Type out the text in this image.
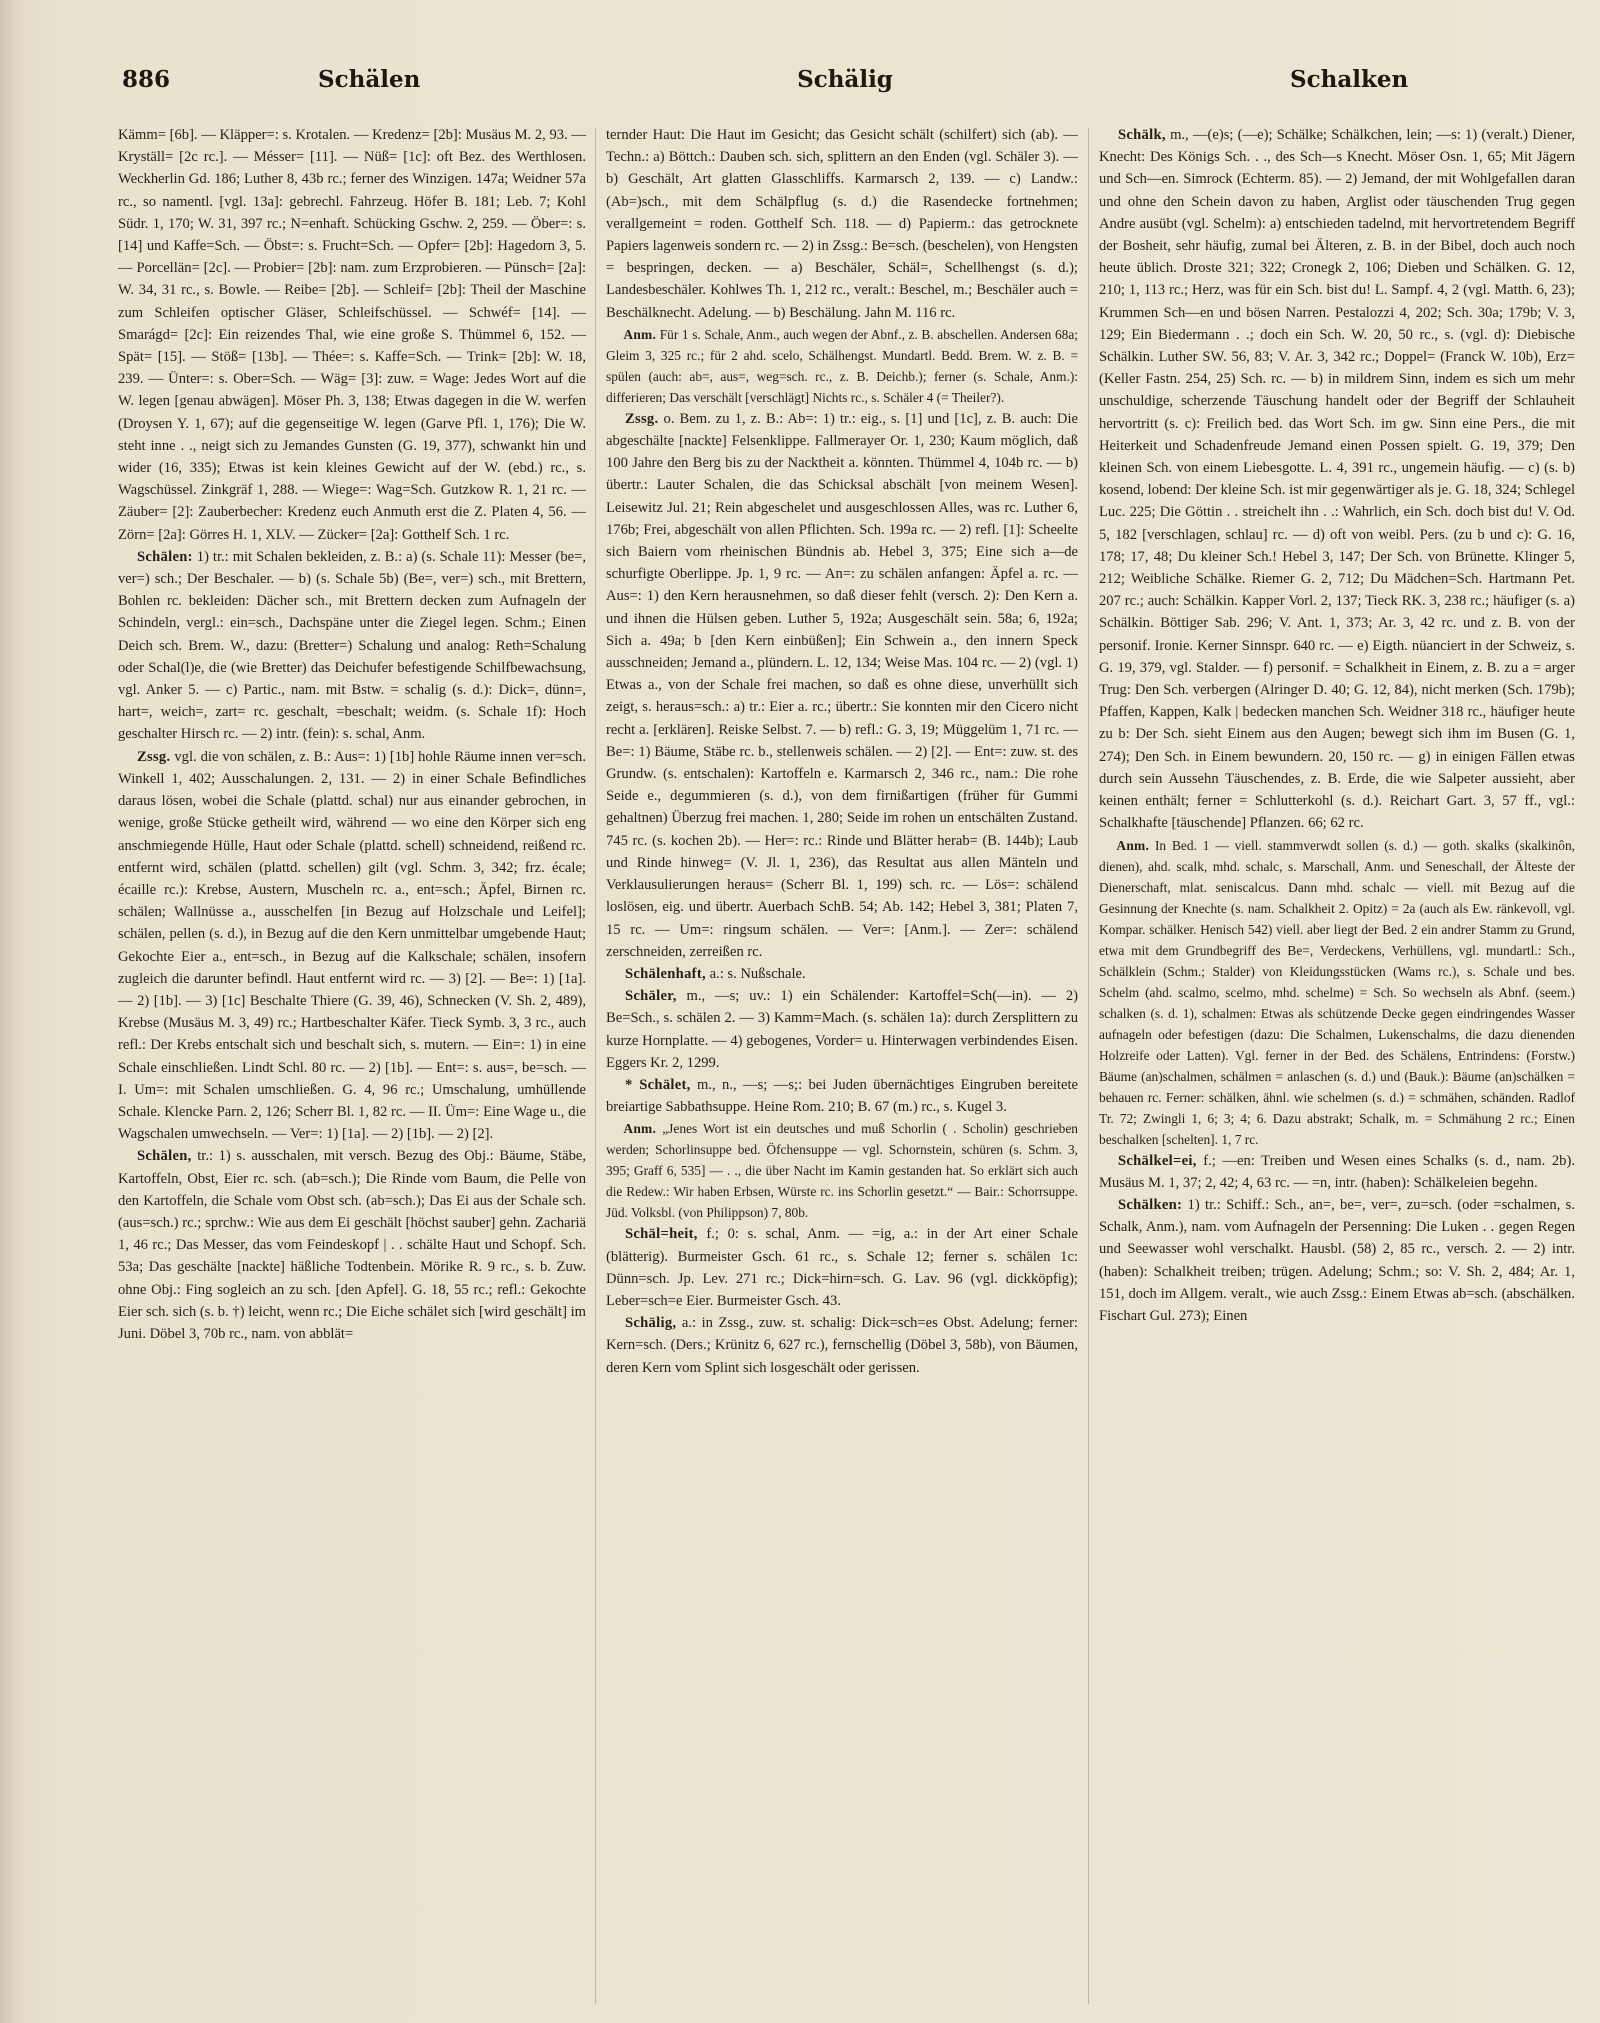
886	Schälen	Schälig	Schalken

Kämm= [6b]. — Kläpper=: s. Krotalen. — Kredenz= [2b]: Musäus M. 2, 93. — Kryställ= [2c rc.]. — Mésser= [11]. — Nüß= [1c]: oft Bez. des Werthlosen. Weckherlin Gd. 186; Luther 8, 43b rc.; ferner des Winzigen. 147a; Weidner 57a rc., so namentl. [vgl. 13a]: gebrechl. Fahrzeug. Höfer B. 181; Leb. 7; Kohl Südr. 1, 170; W. 31, 397 rc.; N=enhaft. Schücking Gschw. 2, 259. — Öber=: s. [14] und Kaffe=Sch. — Öbst=: s. Frucht=Sch. — Opfer= [2b]: Hagedorn 3, 5. — Porcellän= [2c]. — Probier= [2b]: nam. zum Erzprobieren. — Pünsch= [2a]: W. 34, 31 rc., s. Bowle. — Reibe= [2b]. — Schleif= [2b]: Theil der Maschine zum Schleifen optischer Gläser, Schleifschüssel. — Schwéf= [14]. — Smarágd= [2c]: Ein reizendes Thal, wie eine große S. Thümmel 6, 152. — Spät= [15]. — Stöß= [13b]. — Thée=: s. Kaffe=Sch. — Trink= [2b]: W. 18, 239. — Ünter=: s. Ober=Sch. — Wäg= [3]: zuw. = Wage: Jedes Wort auf die W. legen [genau abwägen]. Möser Ph. 3, 138; Etwas dagegen in die W. werfen (Droysen Y. 1, 67); auf die gegenseitige W. legen (Garve Pfl. 1, 176); Die W. steht inne . ., neigt sich zu Jemandes Gunsten (G. 19, 377), schwankt hin und wider (16, 335); Etwas ist kein kleines Gewicht auf der W. (ebd.) rc., s. Wagschüssel. Zinkgräf 1, 288. — Wiege=: Wag=Sch. Gutzkow R. 1, 21 rc. — Zäuber= [2]: Zauberbecher: Kredenz euch Anmuth erst die Z. Platen 4, 56. — Zörn= [2a]: Görres H. 1, XLV. — Zücker= [2a]: Gotthelf Sch. 1 rc.

Schälen: 1) tr.: mit Schalen bekleiden, z. B.: a) (s. Schale 11): Messer (be=, ver=) sch.; Der Beschaler. — b) (s. Schale 5b) (Be=, ver=) sch., mit Brettern, Bohlen rc. bekleiden: Dächer sch., mit Brettern decken zum Aufnageln der Schindeln, vergl.: ein=sch., Dachspäne unter die Ziegel legen. Schm.; Einen Deich sch. Brem. W., dazu: (Bretter=) Schalung und analog: Reth=Schalung oder Schal(l)e, die (wie Bretter) das Deichufer befestigende Schilfbewachsung, vgl. Anker 5. — c) Partic., nam. mit Bstw. = schalig (s. d.): Dick=, dünn=, hart=, weich=, zart= rc. geschalt, =beschalt; weidm. (s. Schale 1f): Hoch geschalter Hirsch rc. — 2) intr. (fein): s. schal, Anm.

Zssg. vgl. die von schälen, z. B.: Aus=: 1) [1b] hohle Räume innen ver=sch. Winkell 1, 402; Ausschalungen. 2, 131. — 2) in einer Schale Befindliches daraus lösen, wobei die Schale (plattd. schal) nur aus einander gebrochen, in wenige, große Stücke getheilt wird, während — wo eine den Körper sich eng anschmiegende Hülle, Haut oder Schale (plattd. schell) schneidend, reißend rc. entfernt wird, schälen (plattd. schellen) gilt (vgl. Schm. 3, 342; frz. écale; écaille rc.): Krebse, Austern, Muscheln rc. a., ent=sch.; Äpfel, Birnen rc. schälen; Wallnüsse a., ausschelfen [in Bezug auf Holzschale und Leifel]; schälen, pellen (s. d.), in Bezug auf die den Kern unmittelbar umgebende Haut; Gekochte Eier a., ent=sch., in Bezug auf die Kalkschale; schälen, insofern zugleich die darunter befindl. Haut entfernt wird rc. — 3) [2]. — Be=: 1) [1a]. — 2) [1b]. — 3) [1c] Beschalte Thiere (G. 39, 46), Schnecken (V. Sh. 2, 489), Krebse (Musäus M. 3, 49) rc.; Hartbeschalter Käfer. Tieck Symb. 3, 3 rc., auch refl.: Der Krebs entschalt sich und beschalt sich, s. mutern. — Ein=: 1) in eine Schale einschließen. Lindt Schl. 80 rc. — 2) [1b]. — Ent=: s. aus=, be=sch. — I. Um=: mit Schalen umschließen. G. 4, 96 rc.; Umschalung, umhüllende Schale. Klencke Parn. 2, 126; Scherr Bl. 1, 82 rc. — II. Üm=: Eine Wage u., die Wagschalen umwechseln. — Ver=: 1) [1a]. — 2) [1b]. — 2) [2].

Schälen, tr.: 1) s. ausschalen, mit versch. Bezug des Obj.: Bäume, Stäbe, Kartoffeln, Obst, Eier rc. sch. (ab=sch.); Die Rinde vom Baum, die Pelle von den Kartoffeln, die Schale vom Obst sch. (ab=sch.); Das Ei aus der Schale sch. (aus=sch.) rc.; sprchw.: Wie aus dem Ei geschält [höchst sauber] gehn. Zachariä 1, 46 rc.; Das Messer, das vom Feindeskopf | . . schälte Haut und Schopf. Sch. 53a; Das geschälte [nackte] häßliche Todtenbein. Mörike R. 9 rc., s. b. Zuw. ohne Obj.: Fing sogleich an zu sch. [den Apfel]. G. 18, 55 rc.; refl.: Gekochte Eier sch. sich (s. b. †) leicht, wenn rc.; Die Eiche schälet sich [wird geschält] im Juni. Döbel 3, 70b rc., nam. von abblät=

ternder Haut: Die Haut im Gesicht; das Gesicht schält (schilfert) sich (ab). — Techn.: a) Böttch.: Dauben sch. sich, splittern an den Enden (vgl. Schäler 3). — b) Geschält, Art glatten Glasschliffs. Karmarsch 2, 139. — c) Landw.: (Ab=)sch., mit dem Schälpflug (s. d.) die Rasendecke fortnehmen; verallgemeint = roden. Gotthelf Sch. 118. — d) Papierm.: das getrocknete Papiers lagenweis sondern rc. — 2) in Zssg.: Be=sch. (beschelen), von Hengsten = bespringen, decken. — a) Beschäler, Schäl=, Schellhengst (s. d.); Landesbeschäler. Kohlwes Th. 1, 212 rc., veralt.: Beschel, m.; Beschäler auch = Beschälknecht. Adelung. — b) Beschälung. Jahn M. 116 rc.

Anm. Für 1 s. Schale, Anm., auch wegen der Abnf., z. B. abschellen. Andersen 68a; Gleim 3, 325 rc.; für 2 ahd. scelo, Schälhengst. Mundartl. Bedd. Brem. W. z. B. = spülen (auch: ab=, aus=, weg=sch. rc., z. B. Deichb.); ferner (s. Schale, Anm.): differieren; Das verschält [verschlägt] Nichts rc., s. Schäler 4 (= Theiler?).

Zssg. o. Bem. zu 1, z. B.: Ab=: 1) tr.: eig., s. [1] und [1c], z. B. auch: Die abgeschälte [nackte] Felsenklippe. Fallmerayer Or. 1, 230; Kaum möglich, daß 100 Jahre den Berg bis zu der Nacktheit a. könnten. Thümmel 4, 104b rc. — b) übertr.: Lauter Schalen, die das Schicksal abschält [von meinem Wesen]. Leisewitz Jul. 21; Rein abgeschelet und ausgeschlossen Alles, was rc. Luther 6, 176b; Frei, abgeschält von allen Pflichten. Sch. 199a rc. — 2) refl. [1]: Scheelte sich Baiern vom rheinischen Bündnis ab. Hebel 3, 375; Eine sich a—de schurfigte Oberlippe. Jp. 1, 9 rc. — An=: zu schälen anfangen: Äpfel a. rc. — Aus=: 1) den Kern herausnehmen, so daß dieser fehlt (versch. 2): Den Kern a. und ihnen die Hülsen geben. Luther 5, 192a; Ausgeschält sein. 58a; 6, 192a; Sich a. 49a; b [den Kern einbüßen]; Ein Schwein a., den innern Speck ausschneiden; Jemand a., plündern. L. 12, 134; Weise Mas. 104 rc. — 2) (vgl. 1) Etwas a., von der Schale frei machen, so daß es ohne diese, unverhüllt sich zeigt, s. heraus=sch.: a) tr.: Eier a. rc.; übertr.: Sie konnten mir den Cicero nicht recht a. [erklären]. Reiske Selbst. 7. — b) refl.: G. 3, 19; Müggelüm 1, 71 rc. — Be=: 1) Bäume, Stäbe rc. b., stellenweis schälen. — 2) [2]. — Ent=: zuw. st. des Grundw. (s. entschalen): Kartoffeln e. Karmarsch 2, 346 rc., nam.: Die rohe Seide e., degummieren (s. d.), von dem firnißartigen (früher für Gummi gehaltnen) Überzug frei machen. 1, 280; Seide im rohen un entschälten Zustand. 745 rc. (s. kochen 2b). — Her=: rc.: Rinde und Blätter herab= (B. 144b); Laub und Rinde hinweg= (V. Jl. 1, 236), das Resultat aus allen Mänteln und Verklausulierungen heraus= (Scherr Bl. 1, 199) sch. rc. — Lös=: schälend loslösen, eig. und übertr. Auerbach SchB. 54; Ab. 142; Hebel 3, 381; Platen 7, 15 rc. — Um=: ringsum schälen. — Ver=: [Anm.]. — Zer=: schälend zerschneiden, zerreißen rc.

Schälenhaft, a.: s. Nußschale.

Schäler, m., —s; uv.: 1) ein Schälender: Kartoffel=Sch(—in). — 2) Be=Sch., s. schälen 2. — 3) Kamm=Mach. (s. schälen 1a): durch Zersplittern zu kurze Hornplatte. — 4) gebogenes, Vorder= u. Hinterwagen verbindendes Eisen. Eggers Kr. 2, 1299.

* Schälet, m., n., —s; —s;: bei Juden übernächtiges Eingruben bereitete breiartige Sabbathsuppe. Heine Rom. 210; B. 67 (m.) rc., s. Kugel 3.

Anm. „Jenes Wort ist ein deutsches und muß Schorlin ( . Scholin) geschrieben werden; Schorlinsuppe bed. Öfchensuppe — vgl. Schornstein, schüren (s. Schm. 3, 395; Graff 6, 535] — . ., die über Nacht im Kamin gestanden hat. So erklärt sich auch die Redew.: Wir haben Erbsen, Würste rc. ins Schorlin gesetzt.“ — Bair.: Schorrsuppe. Jüd. Volksbl. (von Philippson) 7, 80b.

Schäl=heit, f.; 0: s. schal, Anm. — =ig, a.: in der Art einer Schale (blätterig). Burmeister Gsch. 61 rc., s. Schale 12; ferner s. schälen 1c: Dünn=sch. Jp. Lev. 271 rc.; Dick=hirn=sch. G. Lav. 96 (vgl. dickköpfig); Leber=sch=e Eier. Burmeister Gsch. 43.

Schälig, a.: in Zssg., zuw. st. schalig: Dick=sch=es Obst. Adelung; ferner: Kern=sch. (Ders.; Krünitz 6, 627 rc.), fernschellig (Döbel 3, 58b), von Bäumen, deren Kern vom Splint sich losgeschält oder gerissen.

Schälk, m., —(e)s; (—e); Schälke; Schälkchen, lein; —s: 1) (veralt.) Diener, Knecht: Des Königs Sch. . ., des Sch—s Knecht. Möser Osn. 1, 65; Mit Jägern und Sch—en. Simrock (Echterm. 85). — 2) Jemand, der mit Wohlgefallen daran und ohne den Schein davon zu haben, Arglist oder täuschenden Trug gegen Andre ausübt (vgl. Schelm): a) entschieden tadelnd, mit hervortretendem Begriff der Bosheit, sehr häufig, zumal bei Älteren, z. B. in der Bibel, doch auch noch heute üblich. Droste 321; 322; Cronegk 2, 106; Dieben und Schälken. G. 12, 210; 1, 113 rc.; Herz, was für ein Sch. bist du! L. Sampf. 4, 2 (vgl. Matth. 6, 23); Krummen Sch—en und bösen Narren. Pestalozzi 4, 202; Sch. 30a; 179b; V. 3, 129; Ein Biedermann . .; doch ein Sch. W. 20, 50 rc., s. (vgl. d): Diebische Schälkin. Luther SW. 56, 83; V. Ar. 3, 342 rc.; Doppel= (Franck W. 10b), Erz= (Keller Fastn. 254, 25) Sch. rc. — b) in mildrem Sinn, indem es sich um mehr unschuldige, scherzende Täuschung handelt oder der Begriff der Schlauheit hervortritt (s. c): Freilich bed. das Wort Sch. im gw. Sinn eine Pers., die mit Heiterkeit und Schadenfreude Jemand einen Possen spielt. G. 19, 379; Den kleinen Sch. von einem Liebesgotte. L. 4, 391 rc., ungemein häufig. — c) (s. b) kosend, lobend: Der kleine Sch. ist mir gegenwärtiger als je. G. 18, 324; Schlegel Luc. 225; Die Göttin . . streichelt ihn . .: Wahrlich, ein Sch. doch bist du! V. Od. 5, 182 [verschlagen, schlau] rc. — d) oft von weibl. Pers. (zu b und c): G. 16, 178; 17, 48; Du kleiner Sch.! Hebel 3, 147; Der Sch. von Brünette. Klinger 5, 212; Weibliche Schälke. Riemer G. 2, 712; Du Mädchen=Sch. Hartmann Pet. 207 rc.; auch: Schälkin. Kapper Vorl. 2, 137; Tieck RK. 3, 238 rc.; häufiger (s. a) Schälkin. Böttiger Sab. 296; V. Ant. 1, 373; Ar. 3, 42 rc. und z. B. von der personif. Ironie. Kerner Sinnspr. 640 rc. — e) Eigth. nüanciert in der Schweiz, s. G. 19, 379, vgl. Stalder. — f) personif. = Schalkheit in Einem, z. B. zu a = arger Trug: Den Sch. verbergen (Alringer D. 40; G. 12, 84), nicht merken (Sch. 179b); Pfaffen, Kappen, Kalk | bedecken manchen Sch. Weidner 318 rc., häufiger heute zu b: Der Sch. sieht Einem aus den Augen; bewegt sich ihm im Busen (G. 1, 274); Den Sch. in Einem bewundern. 20, 150 rc. — g) in einigen Fällen etwas durch sein Aussehn Täuschendes, z. B. Erde, die wie Salpeter aussieht, aber keinen enthält; ferner = Schlutterkohl (s. d.). Reichart Gart. 3, 57 ff., vgl.: Schalkhafte [täuschende] Pflanzen. 66; 62 rc.

Anm. In Bed. 1 — viell. stammverwdt sollen (s. d.) — goth. skalks (skalkinôn, dienen), ahd. scalk, mhd. schalc, s. Marschall, Anm. und Seneschall, der Älteste der Dienerschaft, mlat. seniscalcus. Dann mhd. schalc — viell. mit Bezug auf die Gesinnung der Knechte (s. nam. Schalkheit 2. Opitz) = 2a (auch als Ew. ränkevoll, vgl. Kompar. schälker. Henisch 542) viell. aber liegt der Bed. 2 ein andrer Stamm zu Grund, etwa mit dem Grundbegriff des Be=, Verdeckens, Verhüllens, vgl. mundartl.: Sch., Schälklein (Schm.; Stalder) von Kleidungsstücken (Wams rc.), s. Schale und bes. Schelm (ahd. scalmo, scelmo, mhd. schelme) = Sch. So wechseln als Abnf. (seem.) schalken (s. d. 1), schalmen: Etwas als schützende Decke gegen eindringendes Wasser aufnageln oder befestigen (dazu: Die Schalmen, Lukenschalms, die dazu dienenden Holzreife oder Latten). Vgl. ferner in der Bed. des Schälens, Entrindens: (Forstw.) Bäume (an)schalmen, schälmen = anlaschen (s. d.) und (Bauk.): Bäume (an)schälken = behauen rc. Ferner: schälken, ähnl. wie schelmen (s. d.) = schmähen, schänden. Radlof Tr. 72; Zwingli 1, 6; 3; 4; 6. Dazu abstrakt; Schalk, m. = Schmähung 2 rc.; Einen beschalken [schelten]. 1, 7 rc.

Schälkel=ei, f.; —en: Treiben und Wesen eines Schalks (s. d., nam. 2b). Musäus M. 1, 37; 2, 42; 4, 63 rc. — =n, intr. (haben): Schälkeleien begehn.

Schälken: 1) tr.: Schiff.: Sch., an=, be=, ver=, zu=sch. (oder =schalmen, s. Schalk, Anm.), nam. vom Aufnageln der Persenning: Die Luken . . gegen Regen und Seewasser wohl verschalkt. Hausbl. (58) 2, 85 rc., versch. 2. — 2) intr. (haben): Schalkheit treiben; trügen. Adelung; Schm.; so: V. Sh. 2, 484; Ar. 1, 151, doch im Allgem. veralt., wie auch Zssg.: Einem Etwas ab=sch. (abschälken. Fischart Gul. 273); Einen
